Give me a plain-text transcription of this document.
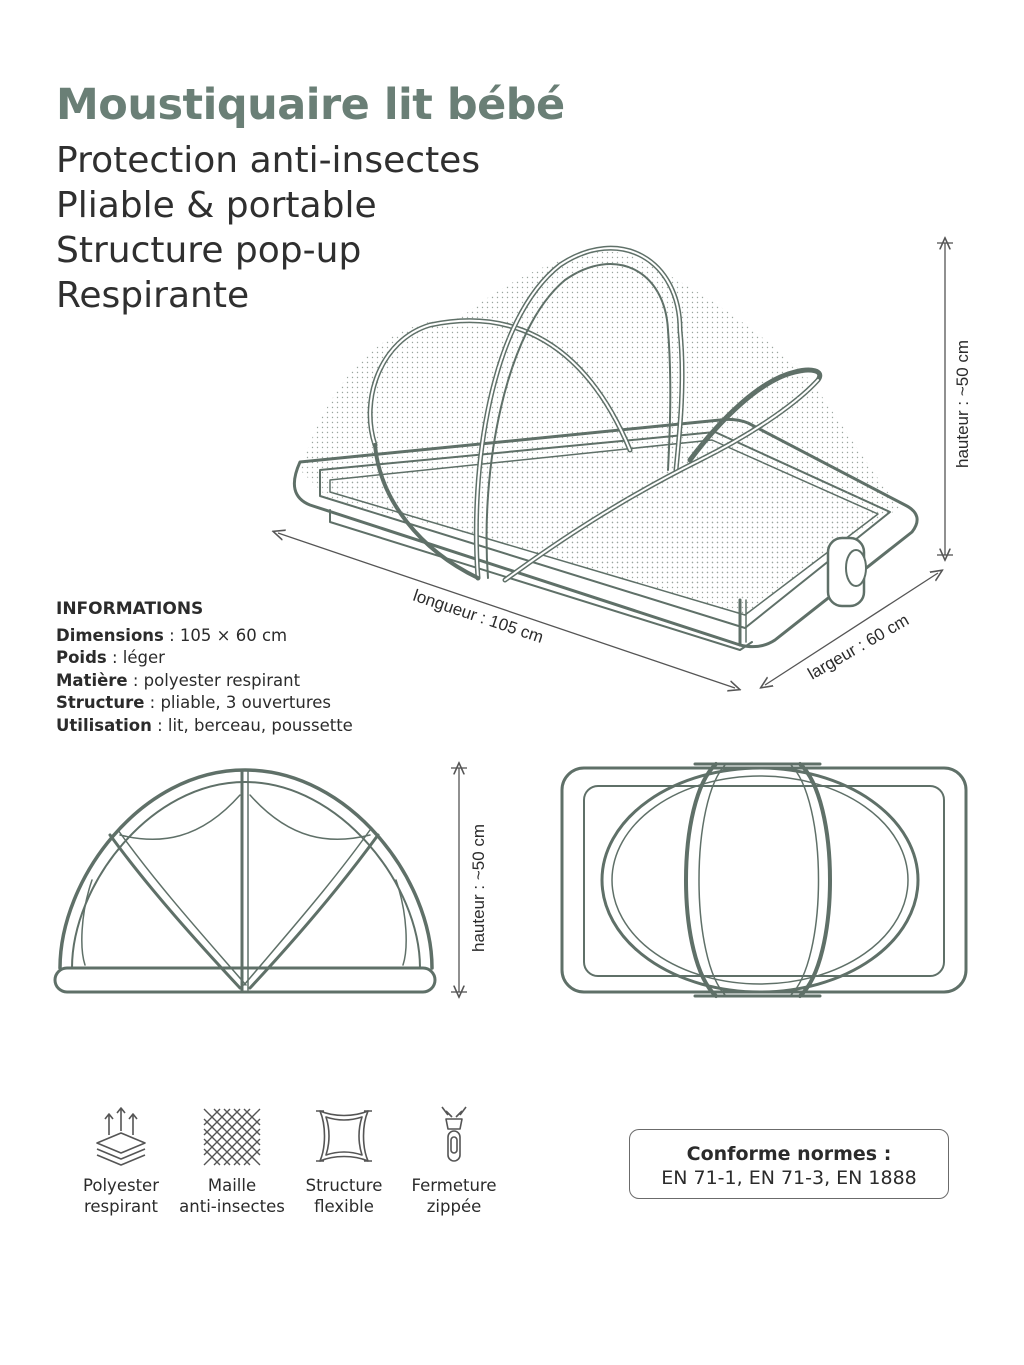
Moustiquaire lit bébé
Protection anti-insectes
Pliable & portable
Structure pop-up
Respirante
hauteur : ~50 cm
longueur : 105 cm	largeur : 60 cm
hauteur : ~50 cm
INFORMATIONS
Dimensions : 105 × 60 cm
Poids : léger
Matière : polyester respirant
Structure : pliable, 3 ouvertures
Utilisation : lit, berceau, poussette
Polyester
respirant
Maille
anti-insectes
Structure
flexible
Fermeture
zippée
Conforme normes :
EN 71-1, EN 71-3, EN 1888
